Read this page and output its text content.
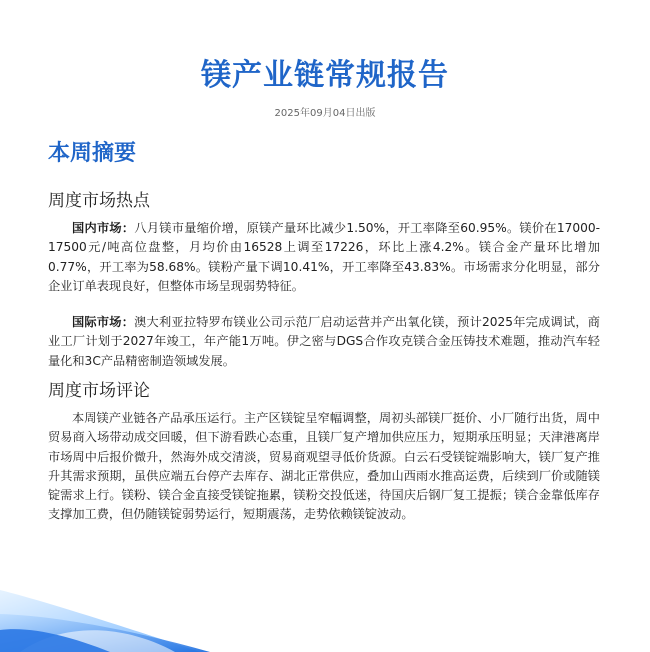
镁产业链常规报告
2025年09月04日出版
本周摘要
周度市场热点
国内市场：八月镁市量缩价增，原镁产量环比减少1.50%，开工率降至60.95%。镁价在17000-17500元/吨高位盘整，月均价由16528上调至17226，环比上涨4.2%。镁合金产量环比增加0.77%，开工率为58.68%。镁粉产量下调10.41%，开工率降至43.83%。市场需求分化明显，部分企业订单表现良好，但整体市场呈现弱势特征。
国际市场：澳大利亚拉特罗布镁业公司示范厂启动运营并产出氧化镁，预计2025年完成调试，商业工厂计划于2027年竣工，年产能1万吨。伊之密与DGS合作攻克镁合金压铸技术难题，推动汽车轻量化和3C产品精密制造领域发展。
周度市场评论
本周镁产业链各产品承压运行。主产区镁锭呈窄幅调整，周初头部镁厂挺价、小厂随行出货，周中贸易商入场带动成交回暖，但下游看跌心态重，且镁厂复产增加供应压力，短期承压明显；天津港离岸市场周中后报价微升，然海外成交清淡，贸易商观望寻低价货源。白云石受镁锭端影响大，镁厂复产推升其需求预期，虽供应端五台停产去库存、湖北正常供应，叠加山西雨水推高运费，后续到厂价或随镁锭需求上行。镁粉、镁合金直接受镁锭拖累，镁粉交投低迷，待国庆后钢厂复工提振；镁合金靠低库存支撑加工费，但仍随镁锭弱势运行，短期震荡，走势依赖镁锭波动。
